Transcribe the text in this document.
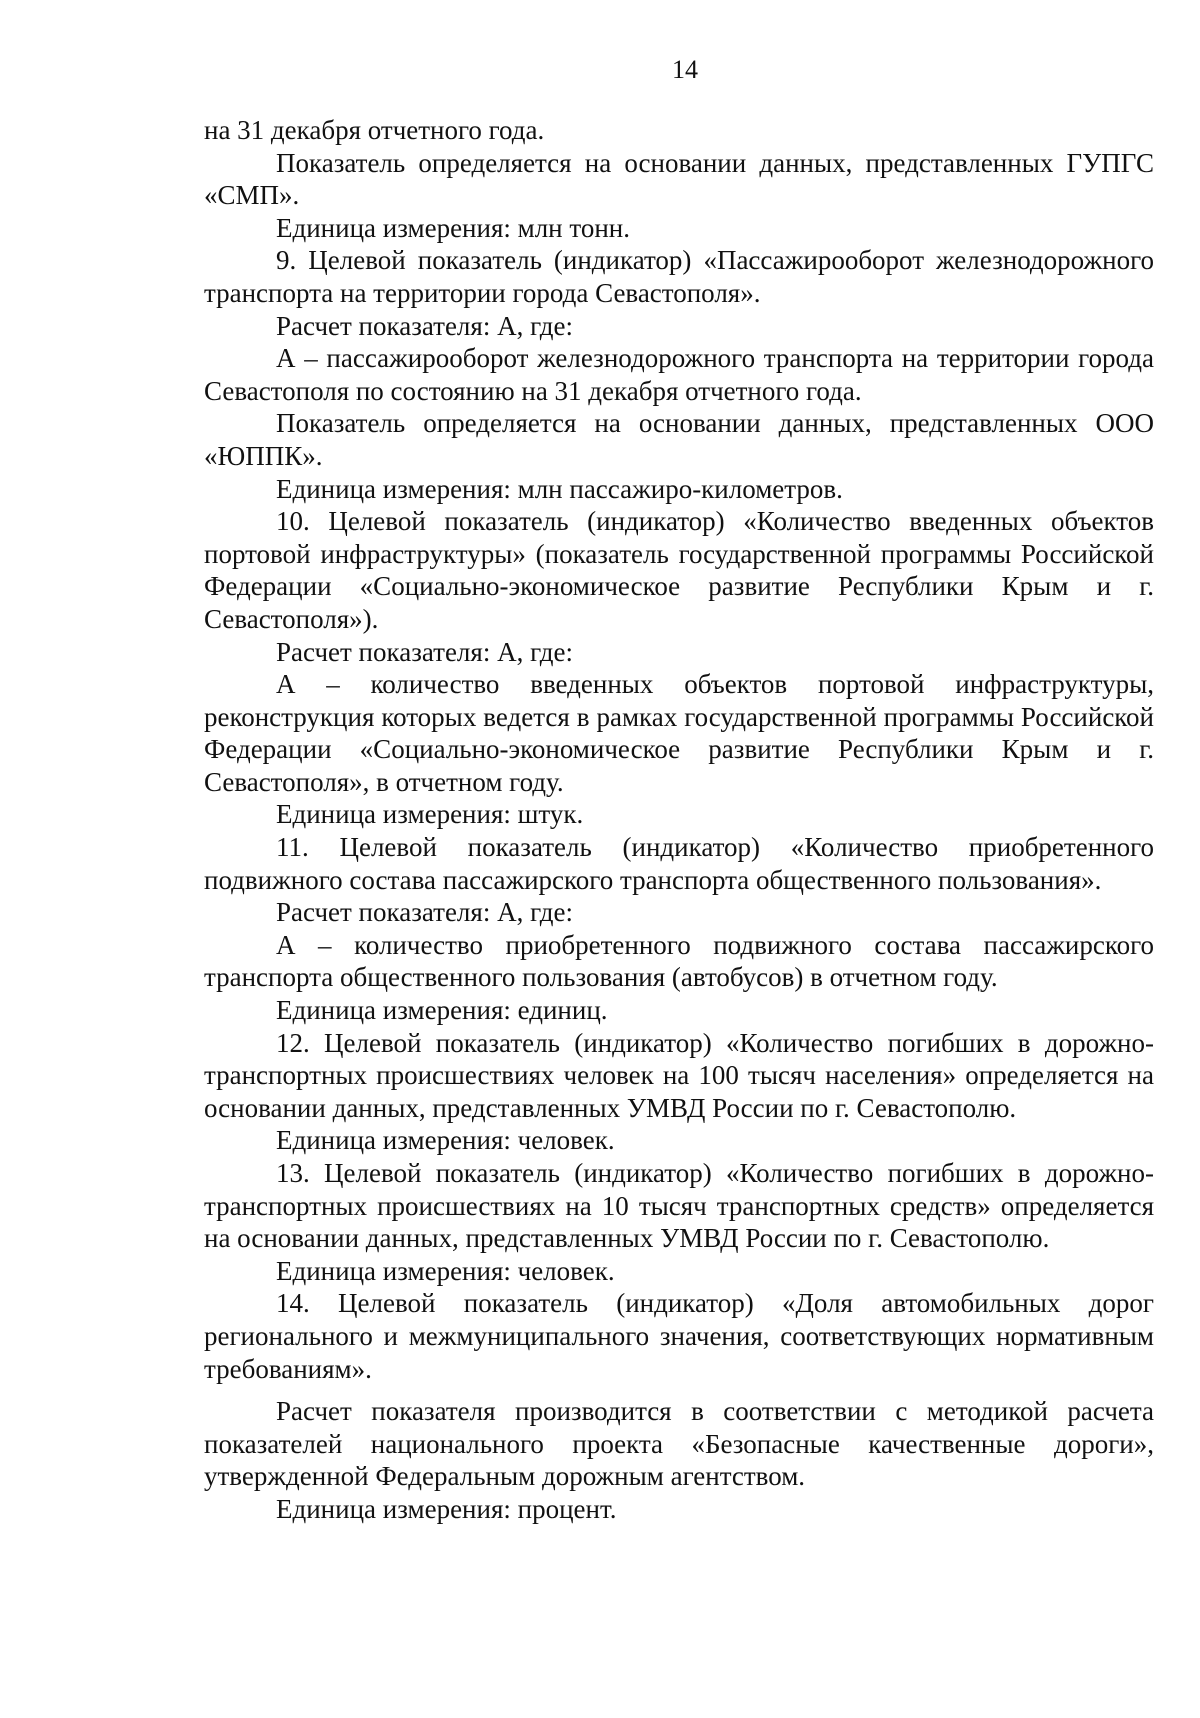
14

на 31 декабря отчетного года.

Показатель определяется на основании данных, представленных ГУПГС «СМП».

Единица измерения: млн тонн.

9. Целевой показатель (индикатор) «Пассажирооборот железнодорожного транспорта на территории города Севастополя».

Расчет показателя: А, где:

А – пассажирооборот железнодорожного транспорта на территории города Севастополя по состоянию на 31 декабря отчетного года.

Показатель определяется на основании данных, представленных ООО «ЮППК».

Единица измерения: млн пассажиро-километров.

10. Целевой показатель (индикатор) «Количество введенных объектов портовой инфраструктуры» (показатель государственной программы Российской Федерации «Социально-экономическое развитие Республики Крым и г. Севастополя»).

Расчет показателя: А, где:

А – количество введенных объектов портовой инфраструктуры, реконструкция которых ведется в рамках государственной программы Российской Федерации «Социально-экономическое развитие Республики Крым и г. Севастополя», в отчетном году.

Единица измерения: штук.

11. Целевой показатель (индикатор) «Количество приобретенного подвижного состава пассажирского транспорта общественного пользования».

Расчет показателя: А, где:

А – количество приобретенного подвижного состава пассажирского транспорта общественного пользования (автобусов) в отчетном году.

Единица измерения: единиц.

12. Целевой показатель (индикатор) «Количество погибших в дорожно-транспортных происшествиях человек на 100 тысяч населения» определяется на основании данных, представленных УМВД России по г. Севастополю.

Единица измерения: человек.

13. Целевой показатель (индикатор) «Количество погибших в дорожно-транспортных происшествиях на 10 тысяч транспортных средств» определяется на основании данных, представленных УМВД России по г. Севастополю.

Единица измерения: человек.

14. Целевой показатель (индикатор) «Доля автомобильных дорог регионального и межмуниципального значения, соответствующих нормативным требованиям».

Расчет показателя производится в соответствии с методикой расчета показателей национального проекта «Безопасные качественные дороги», утвержденной Федеральным дорожным агентством.

Единица измерения: процент.
